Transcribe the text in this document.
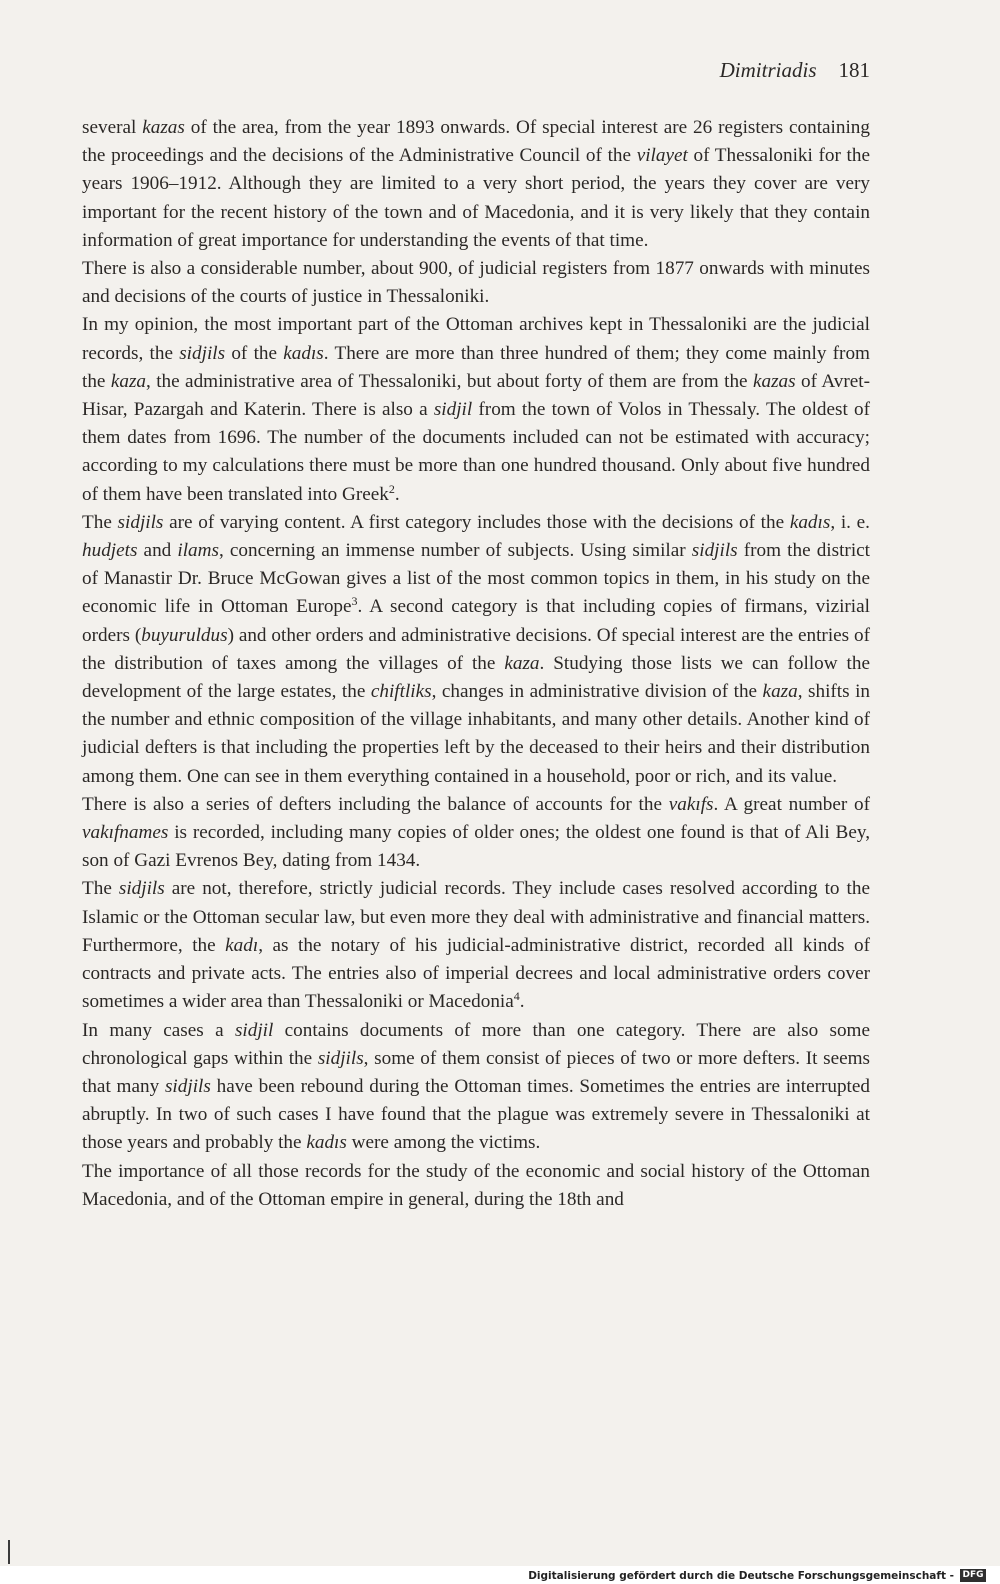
Dimitriadis 181

several kazas of the area, from the year 1893 onwards. Of special interest are 26 registers containing the proceedings and the decisions of the Administrative Council of the vilayet of Thessaloniki for the years 1906–1912. Although they are limited to a very short period, the years they cover are very important for the recent history of the town and of Macedonia, and it is very likely that they contain information of great importance for understanding the events of that time.

There is also a considerable number, about 900, of judicial registers from 1877 onwards with minutes and decisions of the courts of justice in Thessaloniki.

In my opinion, the most important part of the Ottoman archives kept in Thessaloniki are the judicial records, the sidjils of the kadıs. There are more than three hundred of them; they come mainly from the kaza, the administrative area of Thessaloniki, but about forty of them are from the kazas of Avret-Hisar, Pazargah and Katerin. There is also a sidjil from the town of Volos in Thessaly. The oldest of them dates from 1696. The number of the documents included can not be estimated with accuracy; according to my calculations there must be more than one hundred thousand. Only about five hundred of them have been translated into Greek$^2$.

The sidjils are of varying content. A first category includes those with the decisions of the kadıs, i. e. hudjets and ilams, concerning an immense number of subjects. Using similar sidjils from the district of Manastir Dr. Bruce McGowan gives a list of the most common topics in them, in his study on the economic life in Ottoman Europe$^3$. A second category is that including copies of firmans, vizirial orders (buyuruldus) and other orders and administrative decisions. Of special interest are the entries of the distribution of taxes among the villages of the kaza. Studying those lists we can follow the development of the large estates, the chiftliks, changes in administrative division of the kaza, shifts in the number and ethnic composition of the village inhabitants, and many other details. Another kind of judicial defters is that including the properties left by the deceased to their heirs and their distribution among them. One can see in them everything contained in a household, poor or rich, and its value.

There is also a series of defters including the balance of accounts for the vakıfs. A great number of vakıfnames is recorded, including many copies of older ones; the oldest one found is that of Ali Bey, son of Gazi Evrenos Bey, dating from 1434.

The sidjils are not, therefore, strictly judicial records. They include cases resolved according to the Islamic or the Ottoman secular law, but even more they deal with administrative and financial matters. Furthermore, the kadı, as the notary of his judicial-administrative district, recorded all kinds of contracts and private acts. The entries also of imperial decrees and local administrative orders cover sometimes a wider area than Thessaloniki or Macedonia$^4$.

In many cases a sidjil contains documents of more than one category. There are also some chronological gaps within the sidjils, some of them consist of pieces of two or more defters. It seems that many sidjils have been rebound during the Ottoman times. Sometimes the entries are interrupted abruptly. In two of such cases I have found that the plague was extremely severe in Thessaloniki at those years and probably the kadıs were among the victims.

The importance of all those records for the study of the economic and social history of the Ottoman Macedonia, and of the Ottoman empire in general, during the 18th and

Digitalisierung gefördert durch die Deutsche Forschungsgemeinschaft - DFG
